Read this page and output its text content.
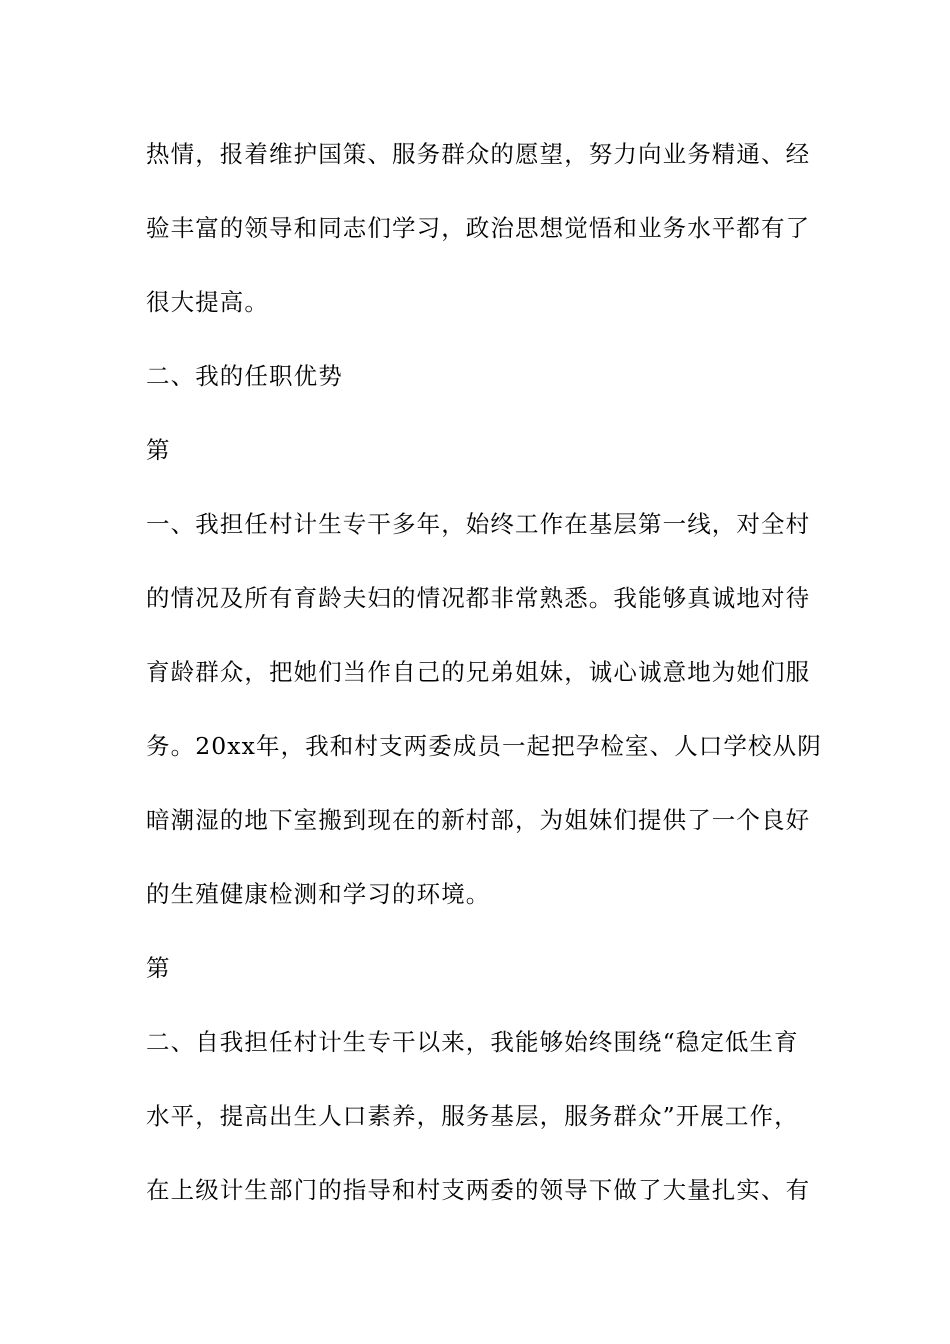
热情，报着维护国策、服务群众的愿望，努力向业务精通、经
验丰富的领导和同志们学习，政治思想觉悟和业务水平都有了
很大提高。
二、我的任职优势
第
一、我担任村计生专干多年，始终工作在基层第一线，对全村
的情况及所有育龄夫妇的情况都非常熟悉。我能够真诚地对待
育龄群众，把她们当作自己的兄弟姐妹，诚心诚意地为她们服
务。20xx年，我和村支两委成员一起把孕检室、人口学校从阴
暗潮湿的地下室搬到现在的新村部，为姐妹们提供了一个良好
的生殖健康检测和学习的环境。
第
二、自我担任村计生专干以来，我能够始终围绕“稳定低生育
水平，提高出生人口素养，服务基层，服务群众”开展工作，
在上级计生部门的指导和村支两委的领导下做了大量扎实、有
